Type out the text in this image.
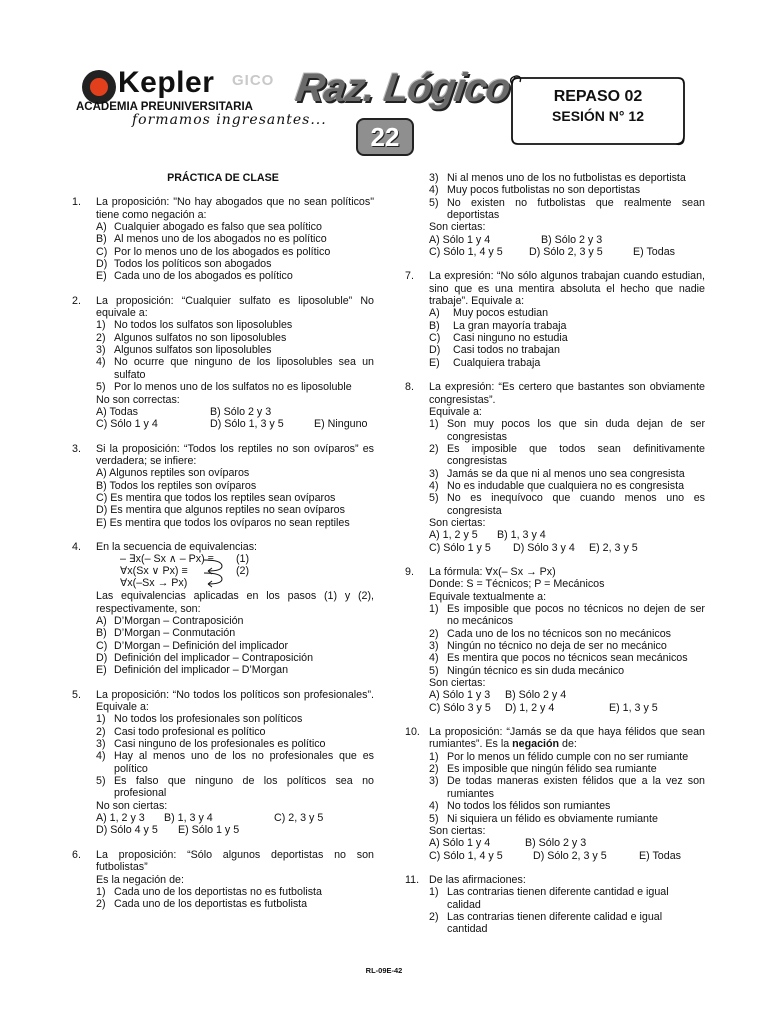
GICO
Kepler
ACADEMIA PREUNIVERSITARIA
formamos ingresantes...
Raz. Lógico
22
REPASO 02
SESIÓN N° 12
PRÁCTICA DE CLASE
1. La proposición: "No hay abogados que no sean políticos" tiene como negación a:
A) Cualquier abogado es falso que sea político
B) Al menos uno de los abogados no es político
C) Por lo menos uno de los abogados es político
D) Todos los políticos son abogados
E) Cada uno de los abogados es político
2. La proposición: “Cualquier sulfato es liposoluble” No equivale a:
1) No todos los sulfatos son liposolubles
2) Algunos sulfatos no son liposolubles
3) Algunos sulfatos son liposolubles
4) No ocurre que ninguno de los liposolubles sea un sulfato
5) Por lo menos uno de los sulfatos no es liposoluble
No son correctas:
A) Todas	B) Sólo 2 y 3
C) Sólo 1 y 4	D) Sólo 1, 3 y 5	E) Ninguno
3. Si la proposición: “Todos los reptiles no son ovíparos” es verdadera; se infiere:
A) Algunos reptiles son ovíparos
B) Todos los reptiles son ovíparos
C) Es mentira que todos los reptiles sean ovíparos
D) Es mentira que algunos reptiles no sean ovíparos
E) Es mentira que todos los ovíparos no sean reptiles
4. En la secuencia de equivalencias:
– ∃x(– Sx ∧ – Px) ≡ (1)
∀x(Sx ∨ Px) ≡	(2)
∀x(–Sx → Px)
Las equivalencias aplicadas en los pasos (1) y (2), respectivamente, son:
A) D’Morgan – Contraposición
B) D’Morgan – Conmutación
C) D’Morgan – Definición del implicador
D) Definición del implicador – Contraposición
E) Definición del implicador – D’Morgan
5. La proposición: “No todos los políticos son profesionales”. Equivale a:
1) No todos los profesionales son políticos
2) Casi todo profesional es político
3) Casi ninguno de los profesionales es político
4) Hay al menos uno de los no profesionales que es político
5) Es falso que ninguno de los políticos sea no profesional
No son ciertas:
A) 1, 2 y 3	B) 1, 3 y 4	C) 2, 3 y 5
D) Sólo 4 y 5	E) Sólo 1 y 5
6. La proposición: “Sólo algunos deportistas no son futbolistas”
Es la negación de:
1) Cada uno de los deportistas no es futbolista
2) Cada uno de los deportistas es futbolista
3) Ni al menos uno de los no futbolistas es deportista
4) Muy pocos futbolistas no son deportistas
5) No existen no futbolistas que realmente sean deportistas
Son ciertas:
A) Sólo 1 y 4	B) Sólo 2 y 3
C) Sólo 1, 4 y 5	D) Sólo 2, 3 y 5	E) Todas
7. La expresión: “No sólo algunos trabajan cuando estudian, sino que es una mentira absoluta el hecho que nadie trabaje”. Equivale a:
A) Muy pocos estudian
B) La gran mayoría trabaja
C) Casi ninguno no estudia
D) Casi todos no trabajan
E) Cualquiera trabaja
8. La expresión: “Es certero que bastantes son obviamente congresistas”.
Equivale a:
1) Son muy pocos los que sin duda dejan de ser congresistas
2) Es imposible que todos sean definitivamente congresistas
3) Jamás se da que ni al menos uno sea congresista
4) No es indudable que cualquiera no es congresista
5) No es inequívoco que cuando menos uno es congresista
Son ciertas:
A) 1, 2 y 5	B) 1, 3 y 4
C) Sólo 1 y 5	D) Sólo 3 y 4	E) 2, 3 y 5
9. La fórmula: ∀x(– Sx → Px)
Donde: S = Técnicos; P = Mecánicos
Equivale textualmente a:
1) Es imposible que pocos no técnicos no dejen de ser no mecánicos
2) Cada uno de los no técnicos son no mecánicos
3) Ningún no técnico no deja de ser no mecánico
4) Es mentira que pocos no técnicos sean mecánicos
5) Ningún técnico es sin duda mecánico
Son ciertas:
A) Sólo 1 y 3	B) Sólo 2 y 4
C) Sólo 3 y 5	D) 1, 2 y 4	E) 1, 3 y 5
10. La proposición: “Jamás se da que haya félidos que sean rumiantes”. Es la negación de:
1) Por lo menos un félido cumple con no ser rumiante
2) Es imposible que ningún félido sea rumiante
3) De todas maneras existen félidos que a la vez son rumiantes
4) No todos los félidos son rumiantes
5) Ni siquiera un félido es obviamente rumiante
Son ciertas:
A) Sólo 1 y 4	B) Sólo 2 y 3
C) Sólo 1, 4 y 5	D) Sólo 2, 3 y 5	E) Todas
11. De las afirmaciones:
1) Las contrarias tienen diferente cantidad e igual calidad
2) Las contrarias tienen diferente calidad e igual cantidad
RL-09E-42
